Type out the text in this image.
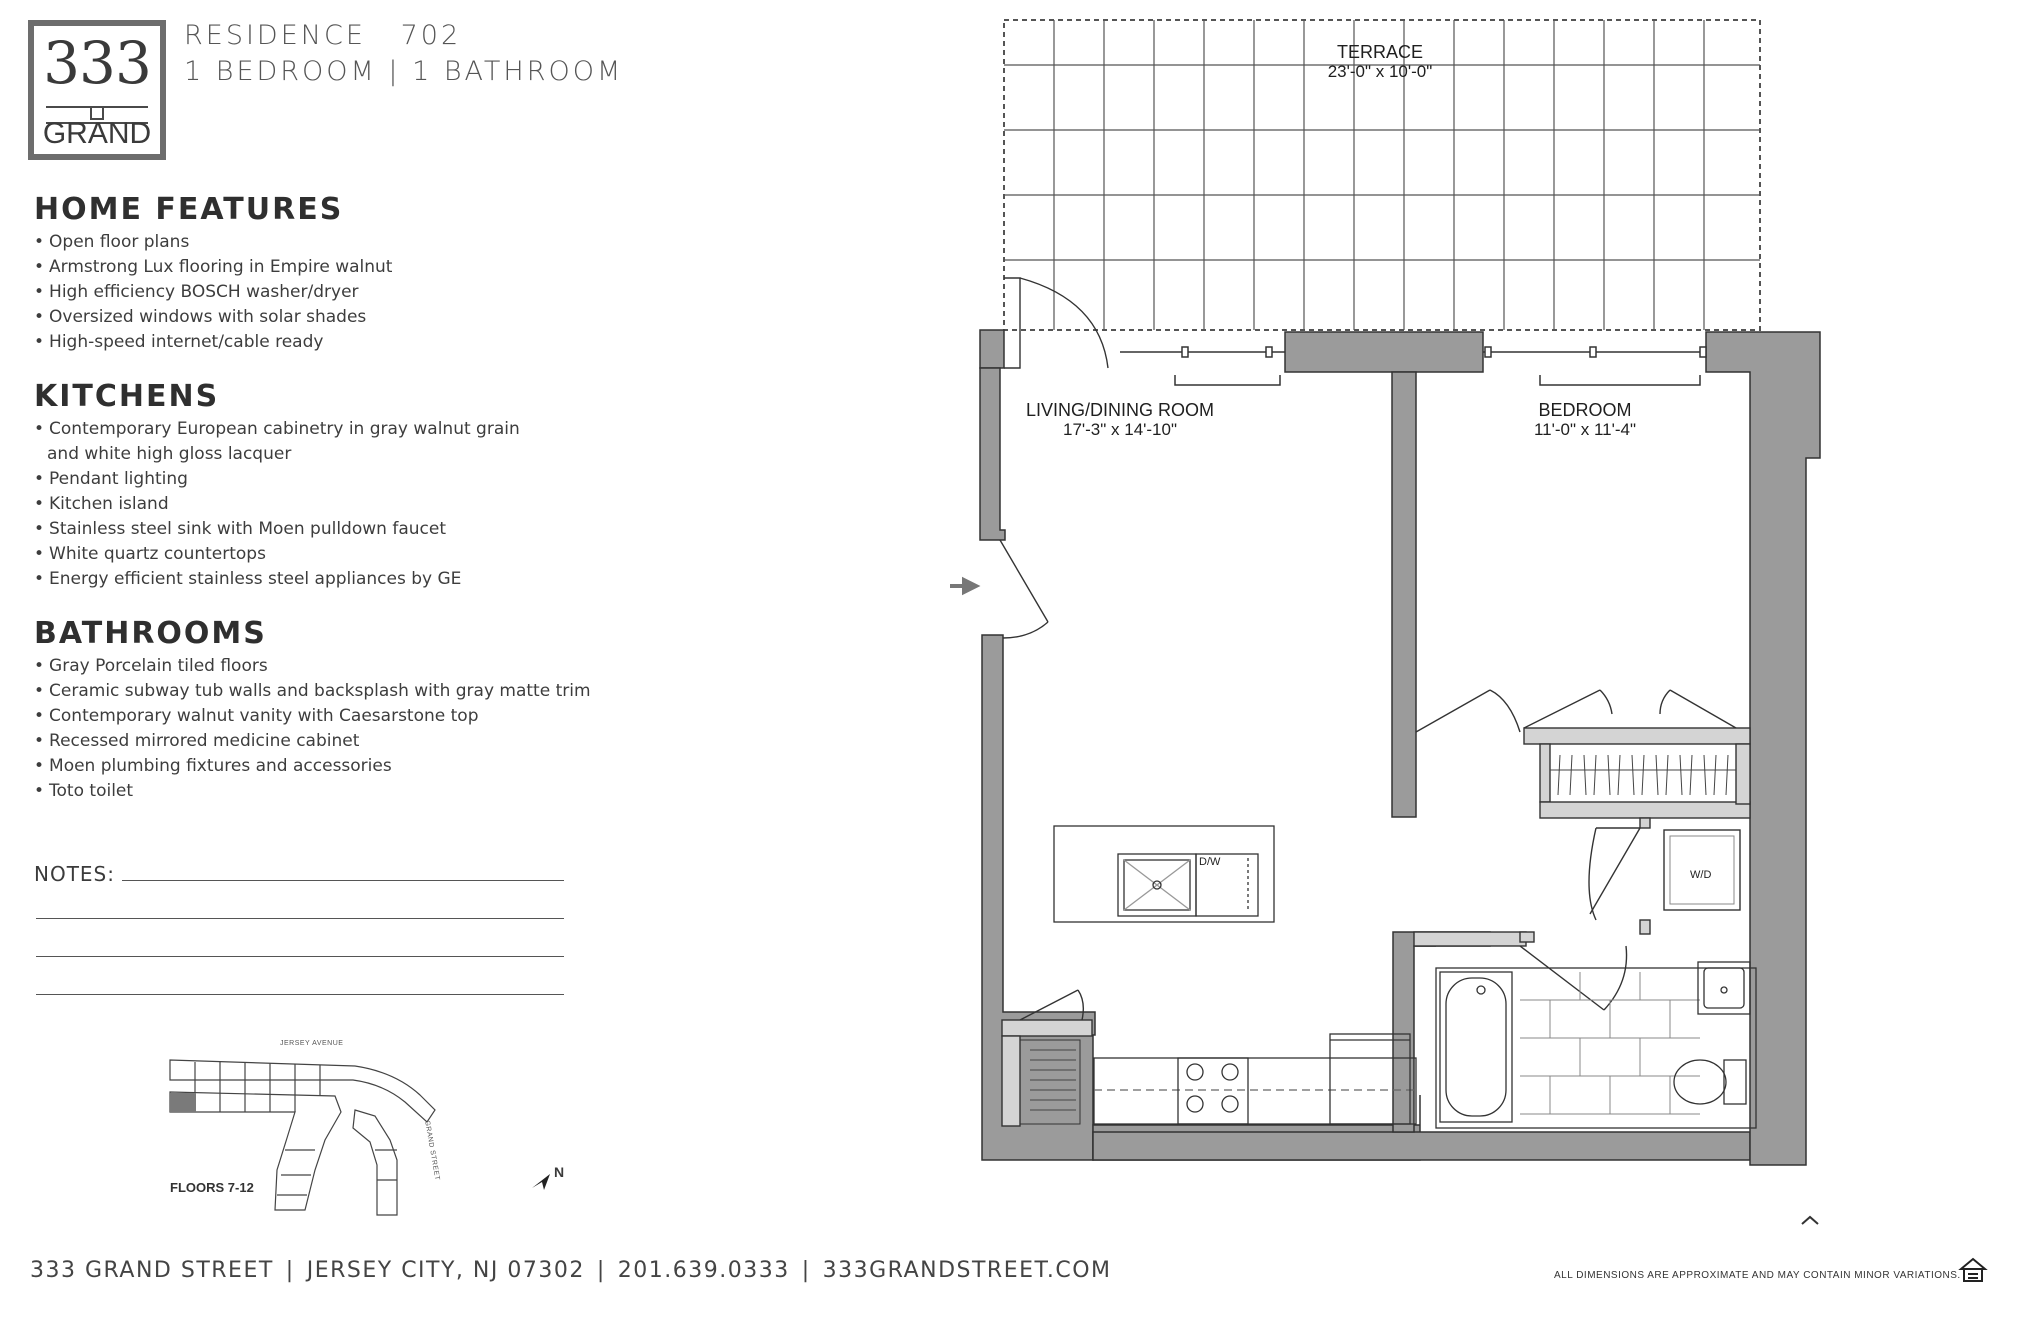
333
GRAND
RESIDENCE   702
1 BEDROOM | 1 BATHROOM
HOME FEATURES
• Open floor plans
• Armstrong Lux flooring in Empire walnut
• High efficiency BOSCH washer/dryer
• Oversized windows with solar shades
• High-speed internet/cable ready
KITCHENS
• Contemporary European cabinetry in gray walnut grain and white high gloss lacquer
• Pendant lighting
• Kitchen island
• Stainless steel sink with Moen pulldown faucet
• White quartz countertops
• Energy efficient stainless steel appliances by GE
BATHROOMS
• Gray Porcelain tiled floors
• Ceramic subway tub walls and backsplash with gray matte trim
• Contemporary walnut vanity with Caesarstone top
• Recessed mirrored medicine cabinet
• Moen plumbing fixtures and accessories
• Toto toilet
NOTES:
JERSEY AVENUE
GRAND STREET
FLOORS 7-12
N
TERRACE
23'-0" x 10'-0"
LIVING/DINING ROOM
17'-3" x 14'-10"
BEDROOM
11'-0" x 11'-4"
D/W
W/D
333 GRAND STREET | JERSEY CITY, NJ 07302 | 201.639.0333 | 333GRANDSTREET.COM	ALL DIMENSIONS ARE APPROXIMATE AND MAY CONTAIN MINOR VARIATIONS.
